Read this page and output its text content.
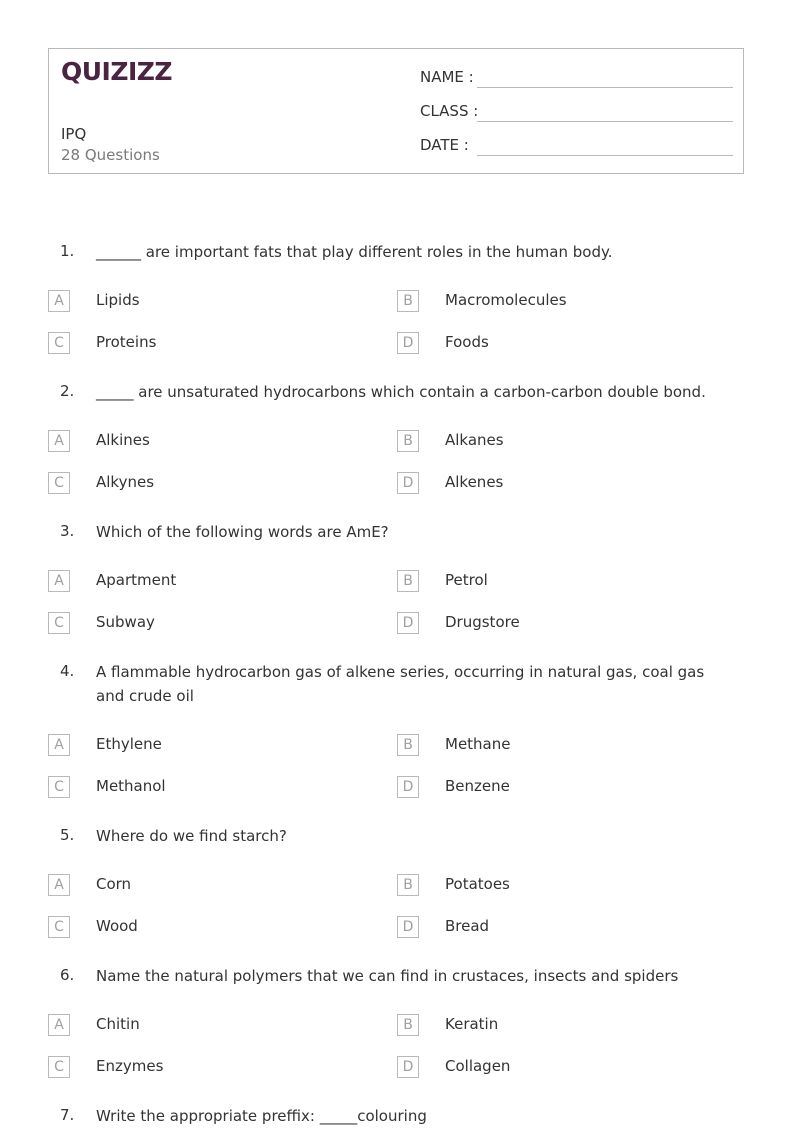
QUIZIZZ
IPQ
28 Questions
NAME :
CLASS :
DATE :
1. ______ are important fats that play different roles in the human body.
A	Lipids	B	Macromolecules
C	Proteins	D	Foods
2. _____ are unsaturated hydrocarbons which contain a carbon-carbon double bond.
A	Alkines	B	Alkanes
C	Alkynes	D	Alkenes
3. Which of the following words are AmE?
A	Apartment	B	Petrol
C	Subway	D	Drugstore
4. A flammable hydrocarbon gas of alkene series, occurring in natural gas, coal gas and crude oil
A	Ethylene	B	Methane
C	Methanol	D	Benzene
5. Where do we find starch?
A	Corn	B	Potatoes
C	Wood	D	Bread
6. Name the natural polymers that we can find in crustaces, insects and spiders
A	Chitin	B	Keratin
C	Enzymes	D	Collagen
7. Write the appropriate preffix: _____colouring
